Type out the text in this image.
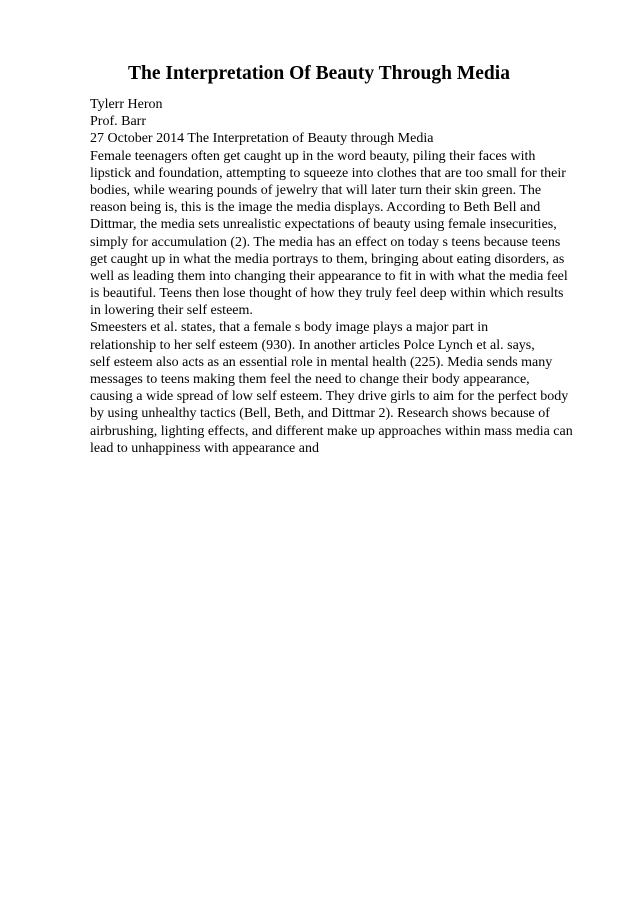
The Interpretation Of Beauty Through Media
Tylerr Heron
Prof. Barr
27 October 2014 The Interpretation of Beauty through Media
Female teenagers often get caught up in the word beauty, piling their faces with
lipstick and foundation, attempting to squeeze into clothes that are too small for their
bodies, while wearing pounds of jewelry that will later turn their skin green. The
reason being is, this is the image the media displays. According to Beth Bell and
Dittmar, the media sets unrealistic expectations of beauty using female insecurities,
simply for accumulation (2). The media has an effect on today s teens because teens
get caught up in what the media portrays to them, bringing about eating disorders, as
well as leading them into changing their appearance to fit in with what the media feel
is beautiful. Teens then lose thought of how they truly feel deep within which results
in lowering their self esteem.
Smeesters et al. states, that a female s body image plays a major part in
relationship to her self esteem (930). In another articles Polce Lynch et al. says,
self esteem also acts as an essential role in mental health (225). Media sends many
messages to teens making them feel the need to change their body appearance,
causing a wide spread of low self esteem. They drive girls to aim for the perfect body
by using unhealthy tactics (Bell, Beth, and Dittmar 2). Research shows because of
airbrushing, lighting effects, and different make up approaches within mass media can
lead to unhappiness with appearance and
